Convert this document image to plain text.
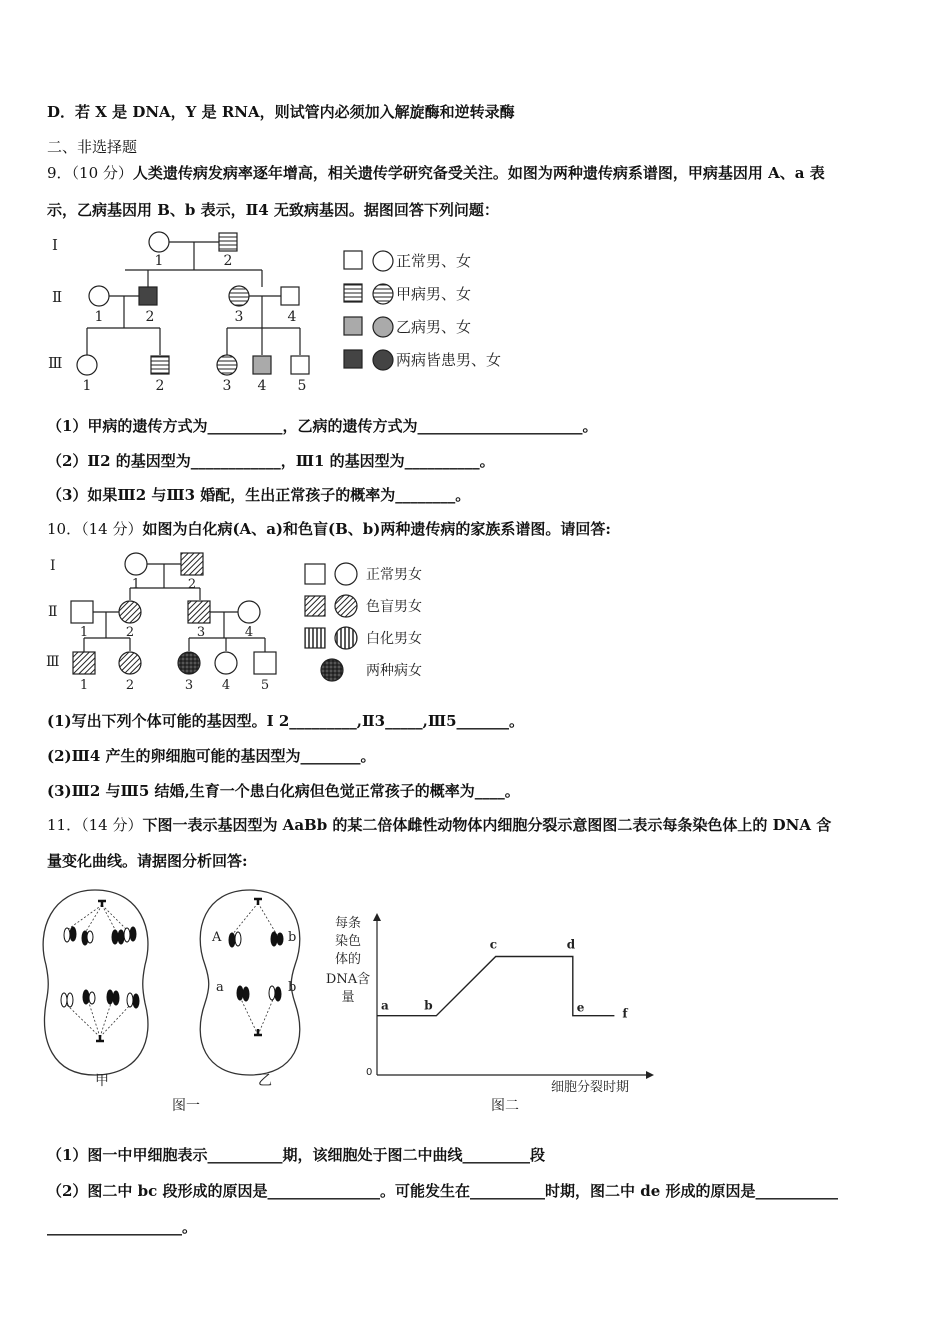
D．若 X 是 DNA，Y 是 RNA，则试管内必须加入解旋酶和逆转录酶
二、非选择题
9．（10 分）人类遗传病发病率逐年增高，相关遗传学研究备受关注。如图为两种遗传病系谱图，甲病基因用 A、a 表
示，乙病基因用 B、b 表示，Ⅱ4 无致病基因。据图回答下列问题：
Ⅰ
Ⅱ
Ⅲ
1	2
1	2	3	4
1	2	3 4 5
正常男、女
甲病男、女
乙病男、女
两病皆患男、女
（1）甲病的遗传方式为__________，乙病的遗传方式为______________________。
（2）Ⅱ2 的基因型为____________，Ⅲ1 的基因型为__________。
（3）如果Ⅲ2 与Ⅲ3 婚配，生出正常孩子的概率为________。
10．（14 分）如图为白化病(A、a)和色盲(B、b)两种遗传病的家族系谱图。请回答:
Ⅰ
Ⅱ
Ⅲ
1	2
1	2	3	4
1	2	3 4 5
正常男女
色盲男女
白化男女
两种病女
(1)写出下列个体可能的基因型。Ⅰ 2_________,Ⅱ3_____,Ⅲ5_______。
(2)Ⅲ4 产生的卵细胞可能的基因型为________。
(3)Ⅲ2 与Ⅲ5 结婚,生育一个患白化病但色觉正常孩子的概率为____。
11．（14 分）下图一表示基因型为 AaBb 的某二倍体雌性动物体内细胞分裂示意图图二表示每条染色体上的 DNA 含
量变化曲线。请据图分析回答:
甲
A	b
a	b
乙
图一
每条
染色
体的
DNA含
量
0
细胞分裂时期
a	b
c	d
e	f
图二
（1）图一中甲细胞表示__________期，该细胞处于图二中曲线_________段
（2）图二中 bc 段形成的原因是_______________。可能发生在__________时期，图二中 de 形成的原因是___________
__________________。
